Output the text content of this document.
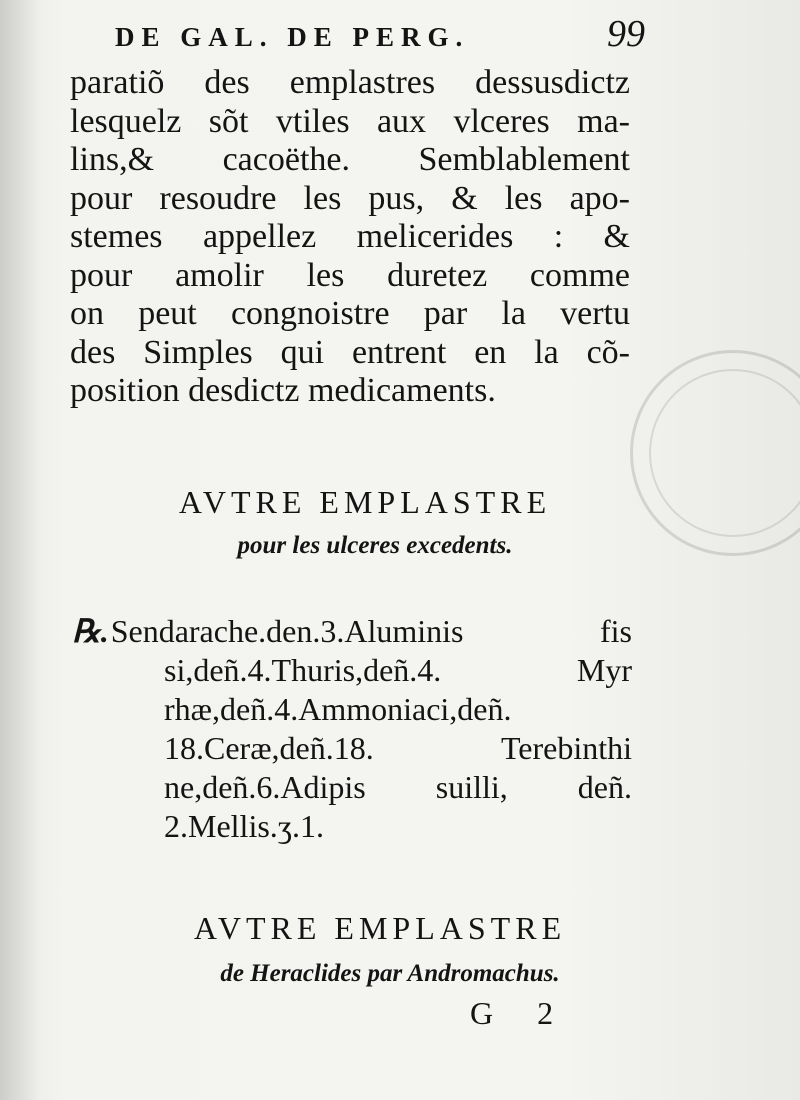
DE GAL. DE PERG.	99
paratiõ des emplastres dessusdictz
lesquelz sõt vtiles aux vlceres ma-
lins,& cacoëthe. Semblablement
pour resoudre les pus, & les apo-
stemes appellez melicerides : &
pour amolir les duretez comme
on peut congnoistre par la vertu
des Simples qui entrent en la cõ-
position desdictz medicaments.
AVTRE EMPLASTRE
pour les ulceres excedents.
℞.Sendarache.den.3.Aluminis fis
si,deñ.4.Thuris,deñ.4. Myr
rhæ,deñ.4.Ammoniaci,deñ.
18.Ceræ,deñ.18. Terebinthi
ne,deñ.6.Adipis suilli, deñ.
2.Mellis.ʒ.1.
AVTRE EMPLASTRE
de Heraclides par Andromachus.
G 2
